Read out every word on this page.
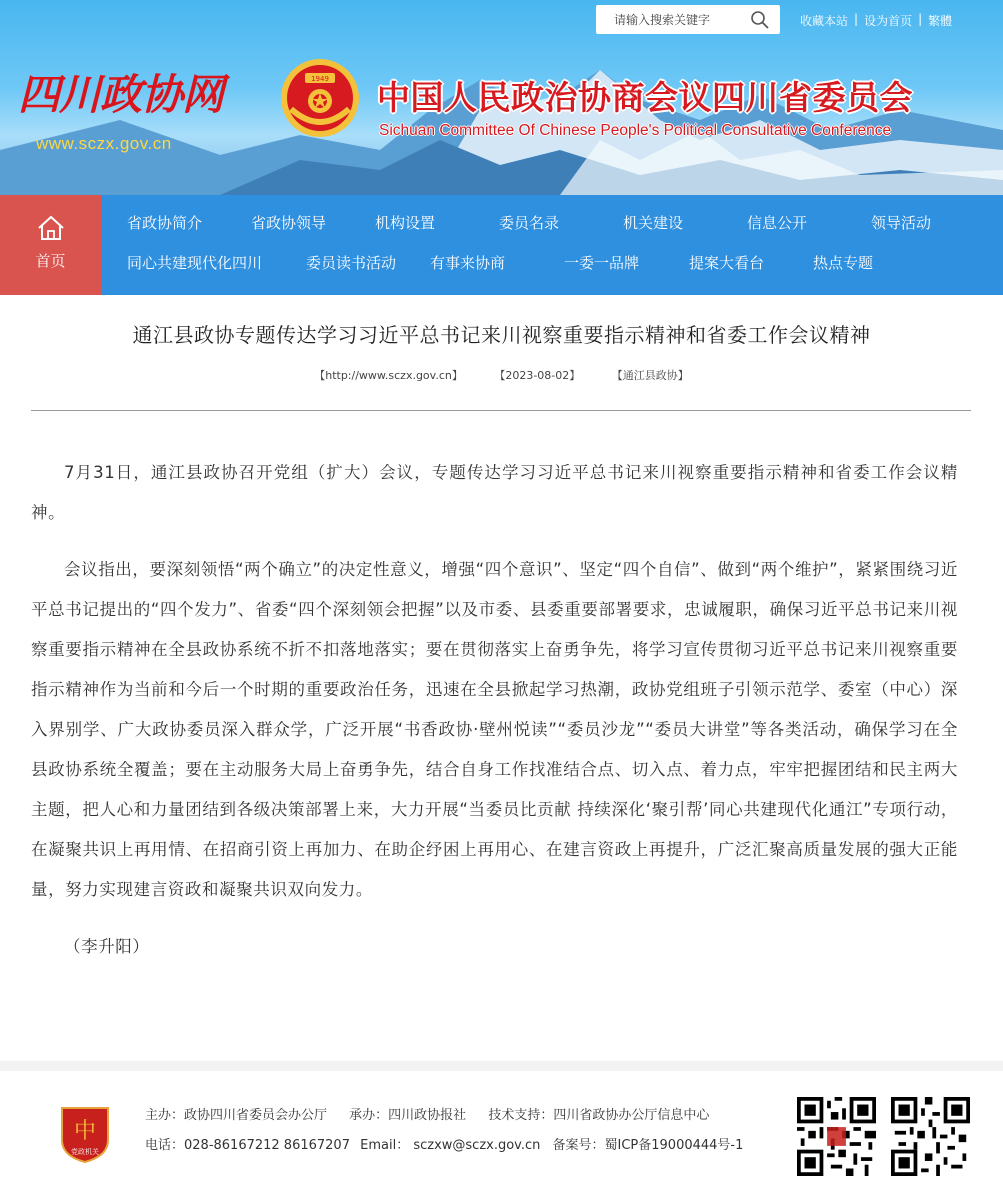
请输入搜索关键字
收藏本站 | 设为首页 | 繁體
四川政协网
www.sczx.gov.cn
1949 中国人民政治协商会议四川省委员会
Sichuan Committee Of Chinese People's Political Consultative Conference
首页
省政协简介	省政协领导	机构设置	委员名录	机关建设	信息公开	领导活动
同心共建现代化四川	委员读书活动 有事来协商	一委一品牌	提案大看台	热点专题
通江县政协专题传达学习习近平总书记来川视察重要指示精神和省委工作会议精神
【http://www.sczx.gov.cn】	【2023-08-02】	【通江县政协】

7月31日，通江县政协召开党组（扩大）会议，专题传达学习习近平总书记来川视察重要指示精神和省委工作会议精神。

会议指出，要深刻领悟“两个确立”的决定性意义，增强“四个意识”、坚定“四个自信”、做到“两个维护”，紧紧围绕习近平总书记提出的“四个发力”、省委“四个深刻领会把握”以及市委、县委重要部署要求，忠诚履职，确保习近平总书记来川视察重要指示精神在全县政协系统不折不扣落地落实；要在贯彻落实上奋勇争先，将学习宣传贯彻习近平总书记来川视察重要指示精神作为当前和今后一个时期的重要政治任务，迅速在全县掀起学习热潮，政协党组班子引领示范学、委室（中心）深入界别学、广大政协委员深入群众学，广泛开展“书香政协·壁州悦读”“委员沙龙”“委员大讲堂”等各类活动，确保学习在全县政协系统全覆盖；要在主动服务大局上奋勇争先，结合自身工作找准结合点、切入点、着力点，牢牢把握团结和民主两大主题，把人心和力量团结到各级决策部署上来，大力开展“当委员比贡献 持续深化‘聚引帮’同心共建现代化通江”专项行动，在凝聚共识上再用情、在招商引资上再加力、在助企纾困上再用心、在建言资政上再提升，广泛汇聚高质量发展的强大正能量，努力实现建言资政和凝聚共识双向发力。

（李升阳）

中
党政机关
主办：政协四川省委员会办公厅 承办：四川政协报社 技术支持：四川省政协办公厅信息中心
电话：028-86167212 86167207 Email： sczxw@sczx.gov.cn 备案号：蜀ICP备19000444号-1
